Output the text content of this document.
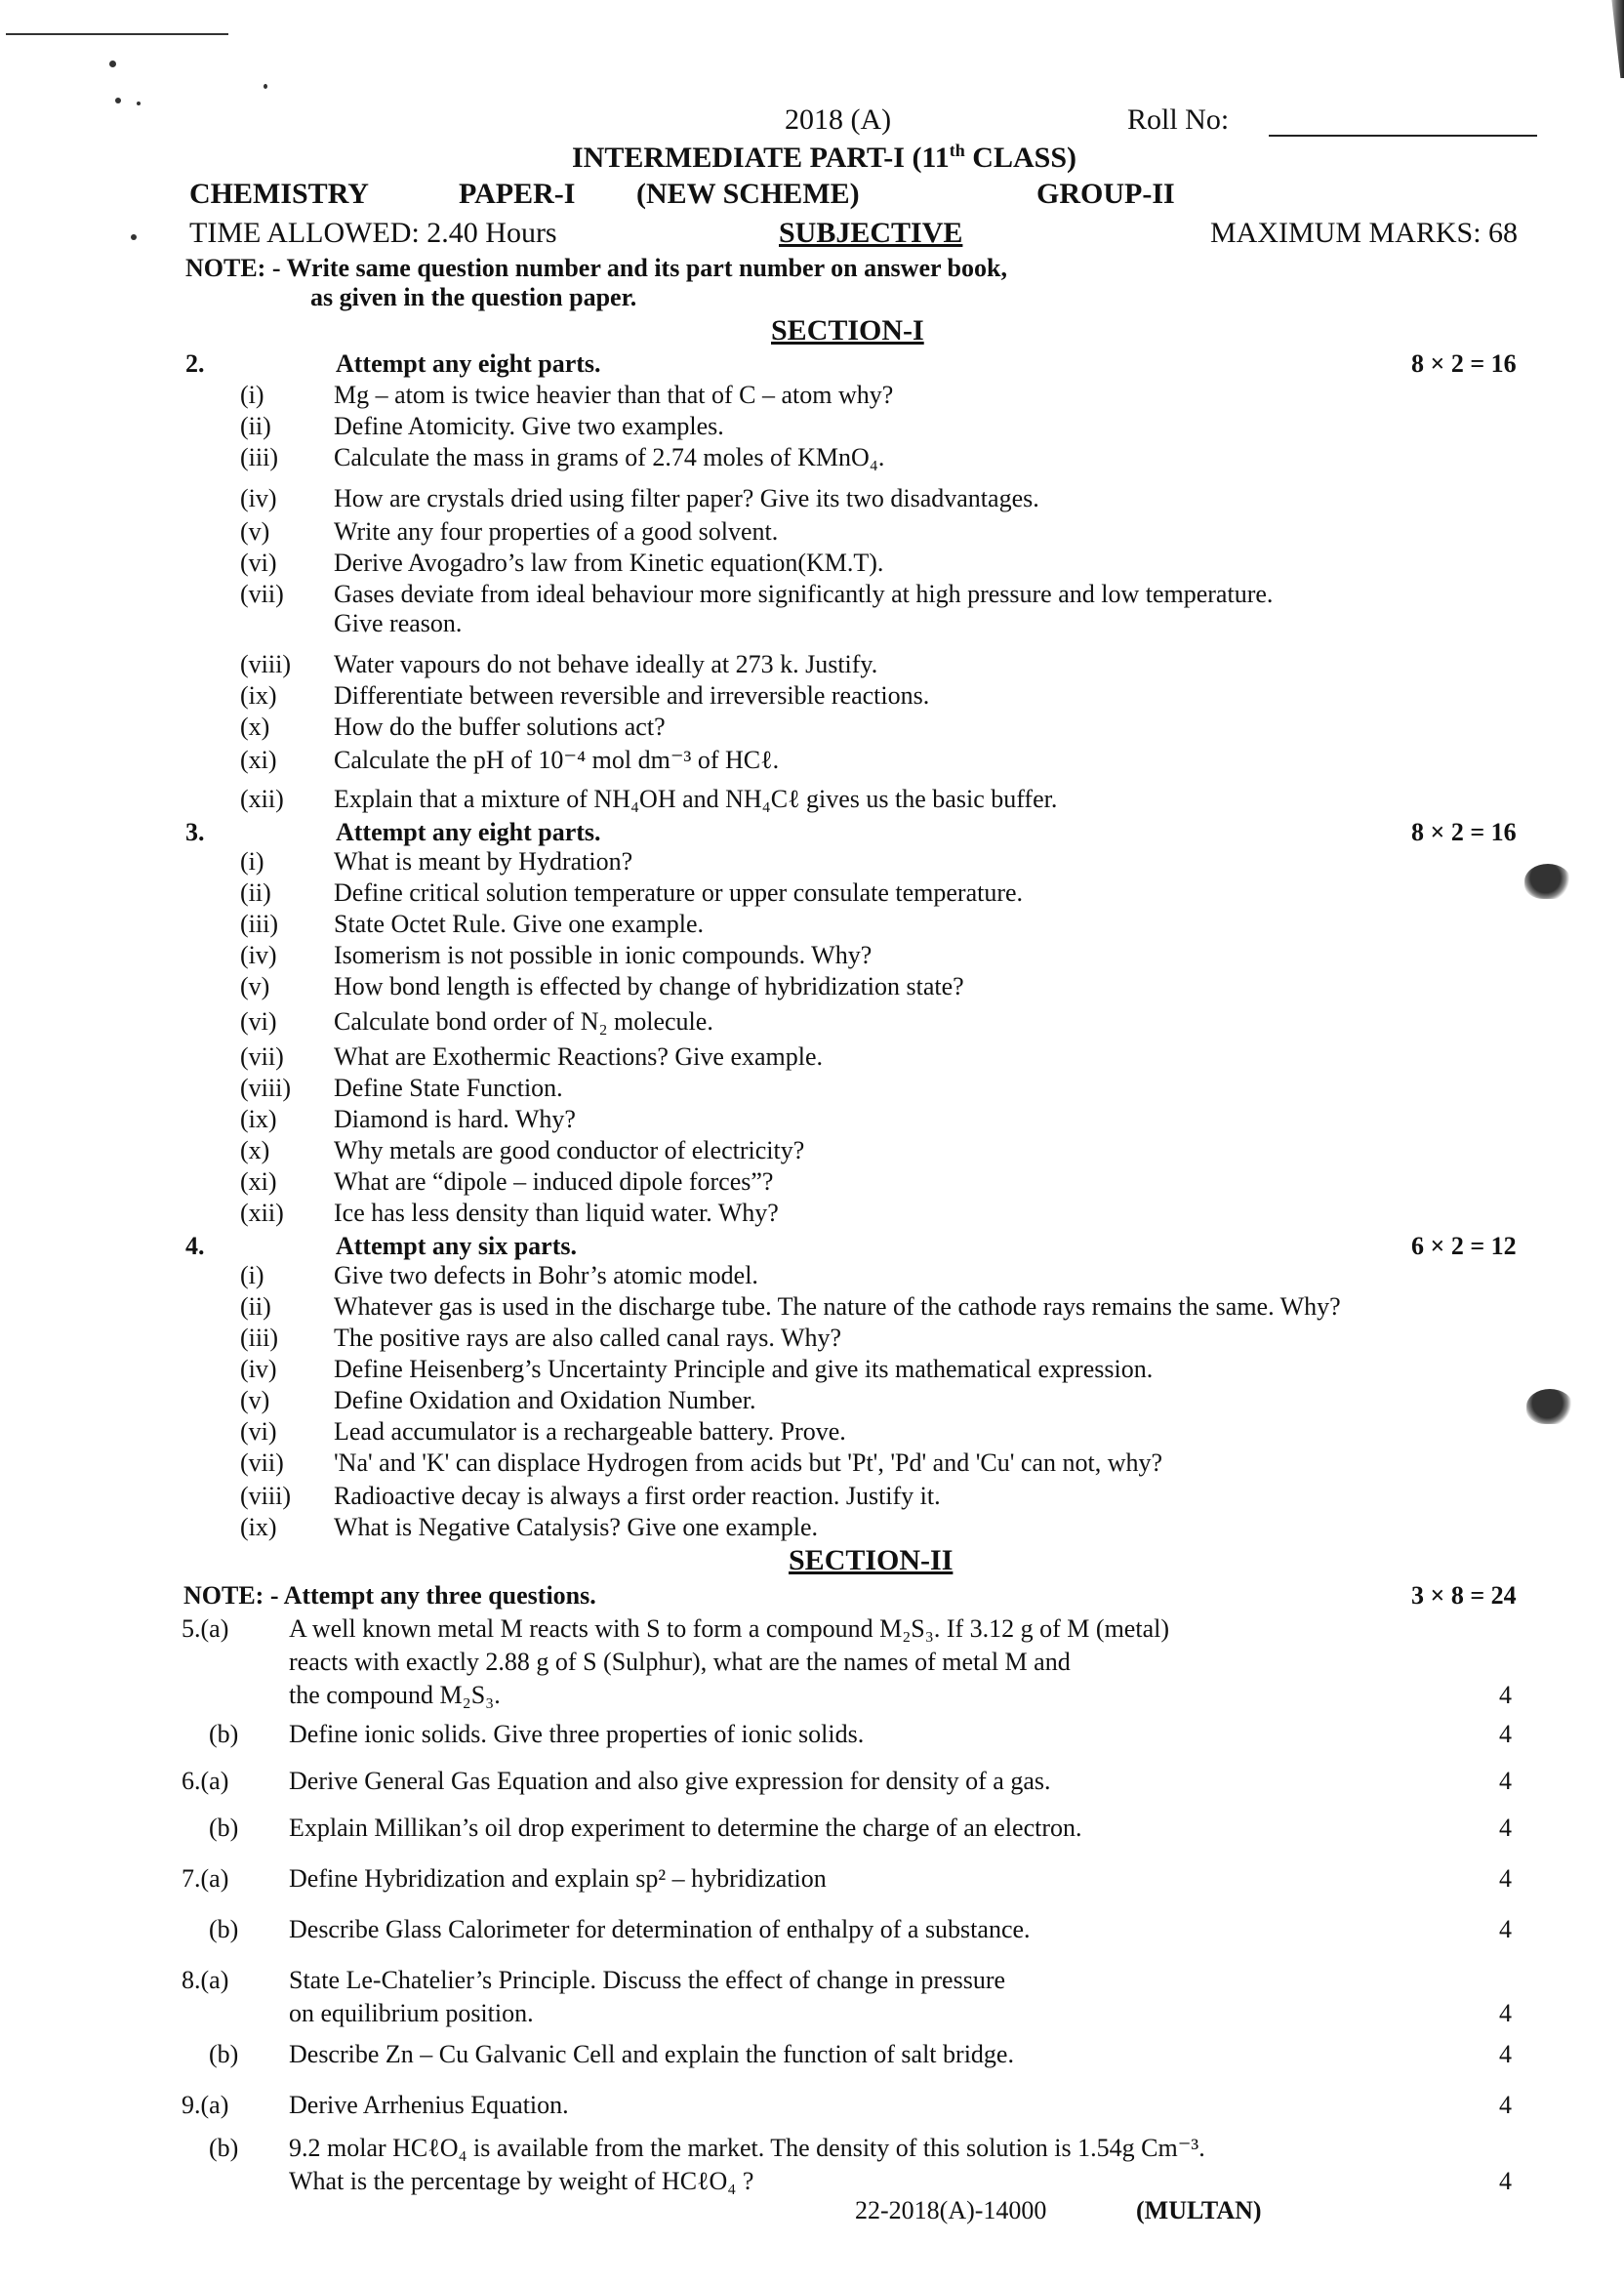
2018 (A)	Roll No:
INTERMEDIATE PART-I (11th CLASS)
CHEMISTRY	PAPER-I (NEW SCHEME)	GROUP-II
TIME ALLOWED: 2.40 Hours	SUBJECTIVE	MAXIMUM MARKS: 68
NOTE: - Write same question number and its part number on answer book,
as given in the question paper.
SECTION-I
2.	Attempt any eight parts.	8 × 2 = 16
(i)	Mg – atom is twice heavier than that of C – atom why?
(ii) Define Atomicity. Give two examples.
(iii) Calculate the mass in grams of 2.74 moles of KMnO₄.
(iv) How are crystals dried using filter paper? Give its two disadvantages.
(v)	Write any four properties of a good solvent.
(vi) Derive Avogadro’s law from Kinetic equation(KM.T).
(vii) Gases deviate from ideal behaviour more significantly at high pressure and low temperature.
Give reason.
(viii) Water vapours do not behave ideally at 273 k. Justify.
(ix) Differentiate between reversible and irreversible reactions.
(x)	How do the buffer solutions act?
(xi) Calculate the pH of 10⁻⁴ mol dm⁻³ of HCℓ.
(xii) Explain that a mixture of NH₄OH and NH₄Cℓ gives us the basic buffer.
3.	Attempt any eight parts.	8 × 2 = 16
(i)	What is meant by Hydration?
(ii) Define critical solution temperature or upper consulate temperature.
(iii) State Octet Rule. Give one example.
(iv) Isomerism is not possible in ionic compounds. Why?
(v)	How bond length is effected by change of hybridization state?
(vi) Calculate bond order of N₂ molecule.
(vii) What are Exothermic Reactions? Give example.
(viii) Define State Function.
(ix) Diamond is hard. Why?
(x)	Why metals are good conductor of electricity?
(xi) What are “dipole – induced dipole forces”?
(xii) Ice has less density than liquid water. Why?
4.	Attempt any six parts.	6 × 2 = 12
(i)	Give two defects in Bohr’s atomic model.
(ii) Whatever gas is used in the discharge tube. The nature of the cathode rays remains the same. Why?
(iii) The positive rays are also called canal rays. Why?
(iv) Define Heisenberg’s Uncertainty Principle and give its mathematical expression.
(v)	Define Oxidation and Oxidation Number.
(vi) Lead accumulator is a rechargeable battery. Prove.
(vii) 'Na' and 'K' can displace Hydrogen from acids but 'Pt', 'Pd' and 'Cu' can not, why?
(viii) Radioactive decay is always a first order reaction. Justify it.
(ix) What is Negative Catalysis? Give one example.
SECTION-II
NOTE: - Attempt any three questions.	3 × 8 = 24
5.(a) A well known metal M reacts with S to form a compound M₂S₃. If 3.12 g of M (metal)
reacts with exactly 2.88 g of S (Sulphur), what are the names of metal M and
the compound M₂S₃.	4
(b) Define ionic solids. Give three properties of ionic solids.	4
6.(a) Derive General Gas Equation and also give expression for density of a gas.	4
(b) Explain Millikan’s oil drop experiment to determine the charge of an electron.	4
7.(a) Define Hybridization and explain sp² – hybridization	4
(b) Describe Glass Calorimeter for determination of enthalpy of a substance.	4
8.(a) State Le-Chatelier’s Principle. Discuss the effect of change in pressure
on equilibrium position.	4
(b) Describe Zn – Cu Galvanic Cell and explain the function of salt bridge.	4
9.(a) Derive Arrhenius Equation.	4
(b) 9.2 molar HCℓO₄ is available from the market. The density of this solution is 1.54g Cm⁻³.
What is the percentage by weight of HCℓO₄ ?	4
22-2018(A)-14000	(MULTAN)
